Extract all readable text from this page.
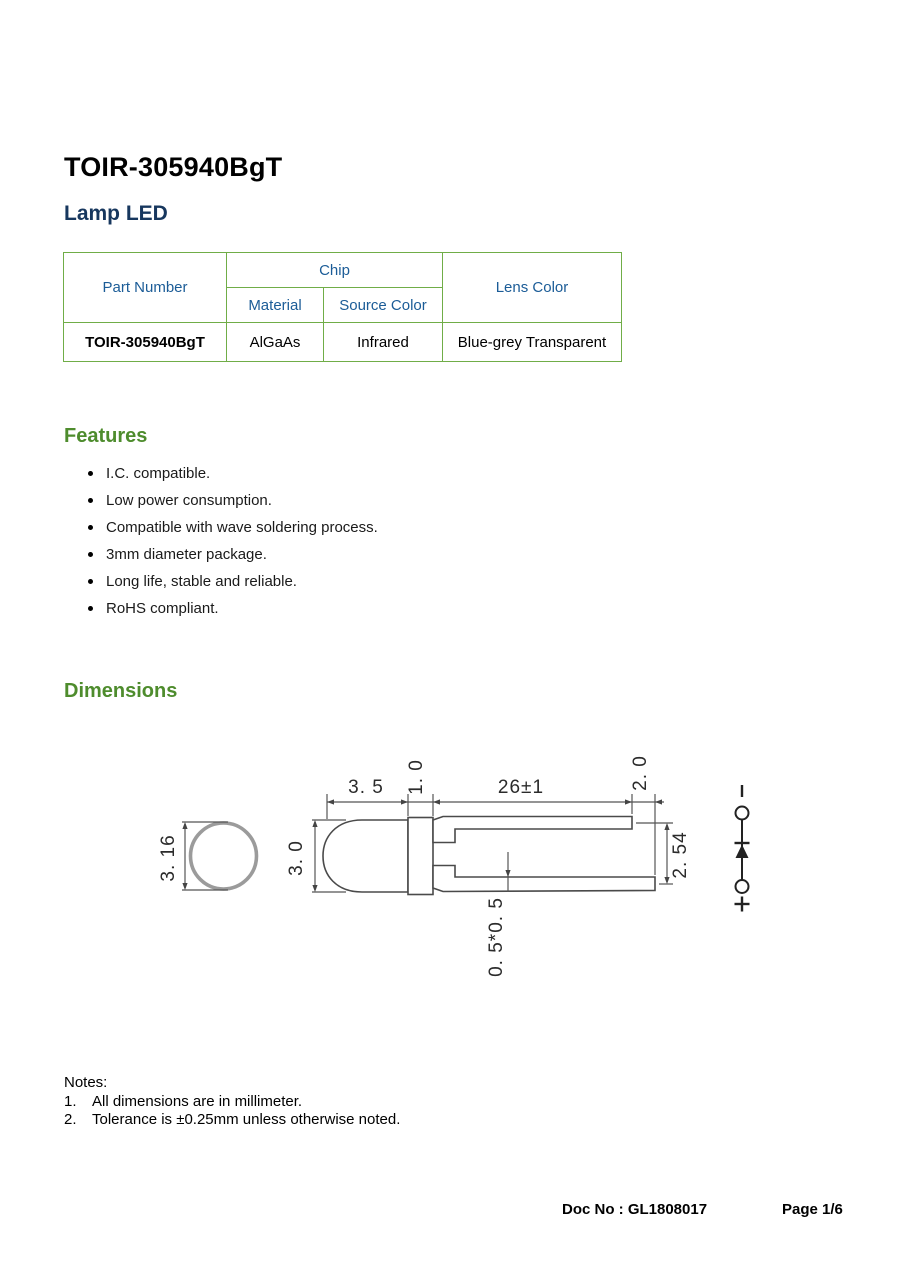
TOIR-305940BgT
Lamp LED
Part Number	Chip		Lens Color
	Material	Source Color	
TOIR-305940BgT	AlGaAs	Infrared	Blue-grey Transparent
Features
I.C. compatible.
Low power consumption.
Compatible with wave soldering process.
3mm diameter package.
Long life, stable and reliable.
RoHS compliant.
Dimensions
3. 16	3. 0
3. 5 1. 0	26±1	2. 0
2. 54
0. 5*0. 5
Notes:
1.	All dimensions are in millimeter.
2.	Tolerance is ±0.25mm unless otherwise noted.
Doc No : GL1808017	Page 1/6
